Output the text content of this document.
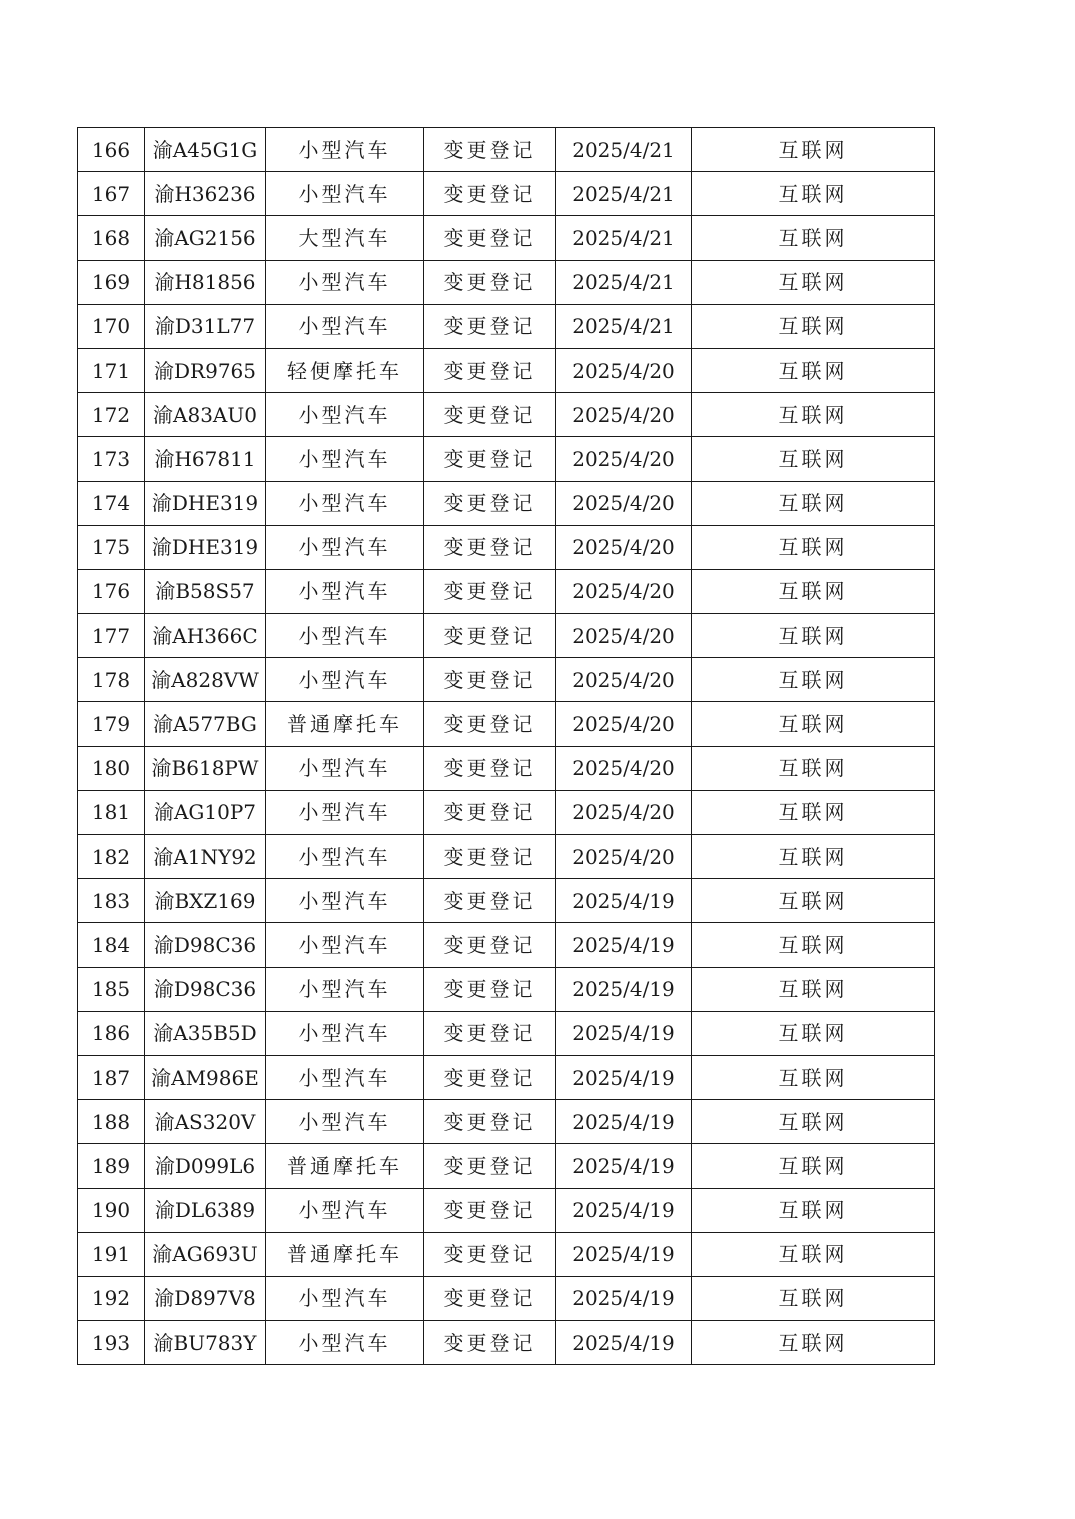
166	渝A45G1G	小型汽车	变更登记	2025/4/21	互联网
167	渝H36236	小型汽车	变更登记	2025/4/21	互联网
168	渝AG2156	大型汽车	变更登记	2025/4/21	互联网
169	渝H81856	小型汽车	变更登记	2025/4/21	互联网
170	渝D31L77	小型汽车	变更登记	2025/4/21	互联网
171	渝DR9765	轻便摩托车	变更登记	2025/4/20	互联网
172	渝A83AU0	小型汽车	变更登记	2025/4/20	互联网
173	渝H67811	小型汽车	变更登记	2025/4/20	互联网
174	渝DHE319	小型汽车	变更登记	2025/4/20	互联网
175	渝DHE319	小型汽车	变更登记	2025/4/20	互联网
176	渝B58S57	小型汽车	变更登记	2025/4/20	互联网
177	渝AH366C	小型汽车	变更登记	2025/4/20	互联网
178	渝A828VW	小型汽车	变更登记	2025/4/20	互联网
179	渝A577BG	普通摩托车	变更登记	2025/4/20	互联网
180	渝B618PW	小型汽车	变更登记	2025/4/20	互联网
181	渝AG10P7	小型汽车	变更登记	2025/4/20	互联网
182	渝A1NY92	小型汽车	变更登记	2025/4/20	互联网
183	渝BXZ169	小型汽车	变更登记	2025/4/19	互联网
184	渝D98C36	小型汽车	变更登记	2025/4/19	互联网
185	渝D98C36	小型汽车	变更登记	2025/4/19	互联网
186	渝A35B5D	小型汽车	变更登记	2025/4/19	互联网
187	渝AM986E	小型汽车	变更登记	2025/4/19	互联网
188	渝AS320V	小型汽车	变更登记	2025/4/19	互联网
189	渝D099L6	普通摩托车	变更登记	2025/4/19	互联网
190	渝DL6389	小型汽车	变更登记	2025/4/19	互联网
191	渝AG693U	普通摩托车	变更登记	2025/4/19	互联网
192	渝D897V8	小型汽车	变更登记	2025/4/19	互联网
193	渝BU783Y	小型汽车	变更登记	2025/4/19	互联网
